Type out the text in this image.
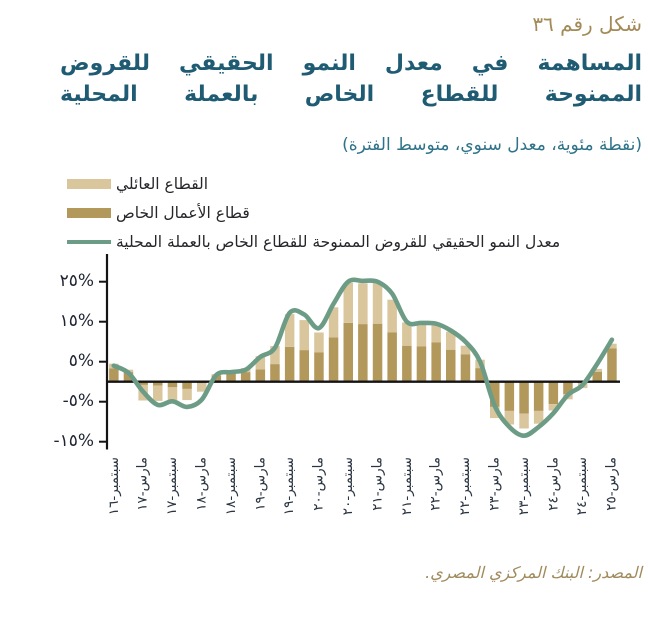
شكل رقم ٣٦
المساهمة في معدل النمو الحقيقي للقروض
الممنوحة للقطاع الخاص بالعملة المحلية
(نقطة مئوية، معدل سنوي، متوسط الفترة)
القطاع العائلي
قطاع الأعمال الخاص
معدل النمو الحقيقي للقروض الممنوحة للقطاع الخاص بالعملة المحلية
٢٥%
١٥%
٥%
-٥%
-١٥%
سبتمبر-١٦
مارس-١٧
سبتمبر-١٧
مارس-١٨
سبتمبر-١٨
مارس-١٩
سبتمبر-١٩
مارس-٢٠
سبتمبر-٢٠
مارس-٢١
سبتمبر-٢١
مارس-٢٢
سبتمبر-٢٢
مارس-٢٣
سبتمبر-٢٣
مارس-٢٤
سبتمبر-٢٤
مارس-٢٥
المصدر: البنك المركزي المصري.
